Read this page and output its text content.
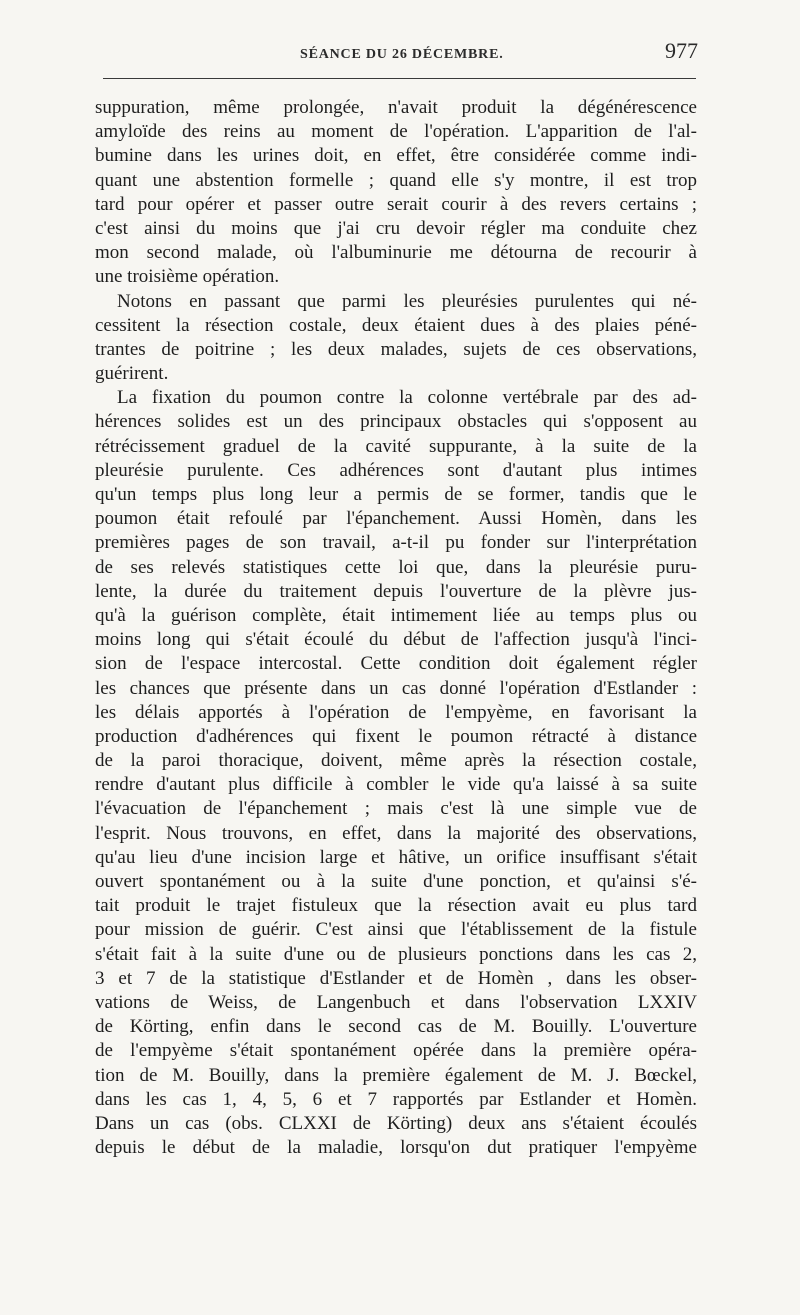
SÉANCE DU 26 DÉCEMBRE.	977
suppuration, même prolongée, n'avait produit la dégénérescence
amyloïde des reins au moment de l'opération. L'apparition de l'al-
bumine dans les urines doit, en effet, être considérée comme indi-
quant une abstention formelle ; quand elle s'y montre, il est trop
tard pour opérer et passer outre serait courir à des revers certains ;
c'est ainsi du moins que j'ai cru devoir régler ma conduite chez
mon second malade, où l'albuminurie me détourna de recourir à
une troisième opération.
Notons en passant que parmi les pleurésies purulentes qui né-
cessitent la résection costale, deux étaient dues à des plaies péné-
trantes de poitrine ; les deux malades, sujets de ces observations,
guérirent.
La fixation du poumon contre la colonne vertébrale par des ad-
hérences solides est un des principaux obstacles qui s'opposent au
rétrécissement graduel de la cavité suppurante, à la suite de la
pleurésie purulente. Ces adhérences sont d'autant plus intimes
qu'un temps plus long leur a permis de se former, tandis que le
poumon était refoulé par l'épanchement. Aussi Homèn, dans les
premières pages de son travail, a-t-il pu fonder sur l'interprétation
de ses relevés statistiques cette loi que, dans la pleurésie puru-
lente, la durée du traitement depuis l'ouverture de la plèvre jus-
qu'à la guérison complète, était intimement liée au temps plus ou
moins long qui s'était écoulé du début de l'affection jusqu'à l'inci-
sion de l'espace intercostal. Cette condition doit également régler
les chances que présente dans un cas donné l'opération d'Estlander :
les délais apportés à l'opération de l'empyème, en favorisant la
production d'adhérences qui fixent le poumon rétracté à distance
de la paroi thoracique, doivent, même après la résection costale,
rendre d'autant plus difficile à combler le vide qu'a laissé à sa suite
l'évacuation de l'épanchement ; mais c'est là une simple vue de
l'esprit. Nous trouvons, en effet, dans la majorité des observations,
qu'au lieu d'une incision large et hâtive, un orifice insuffisant s'était
ouvert spontanément ou à la suite d'une ponction, et qu'ainsi s'é-
tait produit le trajet fistuleux que la résection avait eu plus tard
pour mission de guérir. C'est ainsi que l'établissement de la fistule
s'était fait à la suite d'une ou de plusieurs ponctions dans les cas 2,
3 et 7 de la statistique d'Estlander et de Homèn , dans les obser-
vations de Weiss, de Langenbuch et dans l'observation LXXIV
de Körting, enfin dans le second cas de M. Bouilly. L'ouverture
de l'empyème s'était spontanément opérée dans la première opéra-
tion de M. Bouilly, dans la première également de M. J. Bœckel,
dans les cas 1, 4, 5, 6 et 7 rapportés par Estlander et Homèn.
Dans un cas (obs. CLXXI de Körting) deux ans s'étaient écoulés
depuis le début de la maladie, lorsqu'on dut pratiquer l'empyème
